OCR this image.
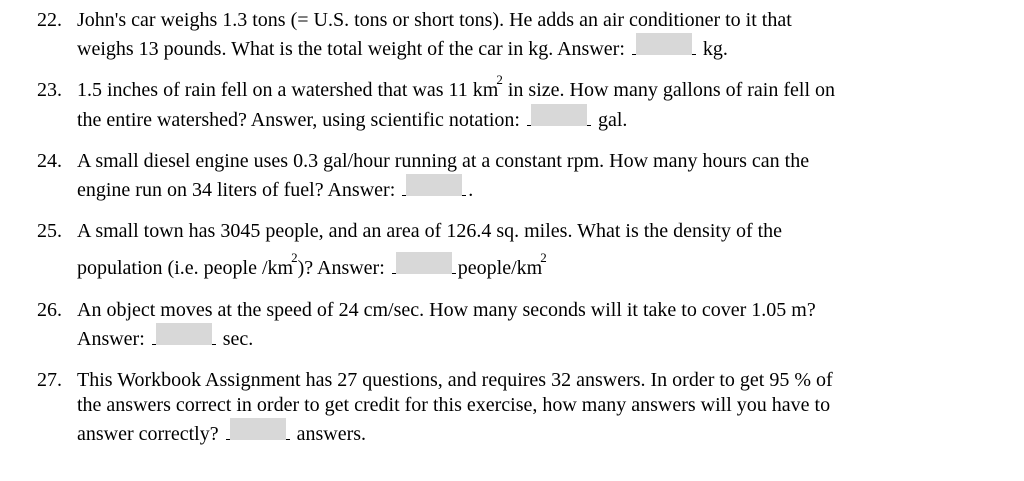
22. John's car weighs 1.3 tons (= U.S. tons or short tons). He adds an air conditioner to it that
weighs 13 pounds. What is the total weight of the car in kg. Answer:	kg.
23. 1.5 inches of rain fell on a watershed that was 11 $km^2$ in size. How many gallons of rain fell on
the entire watershed? Answer, using scientific notation:	gal.
24. A small diesel engine uses 0.3 gal/hour running at a constant rpm. How many hours can the
engine run on 34 liters of fuel? Answer:	.
25. A small town has 3045 people, and an area of 126.4 sq. miles. What is the density of the
population (i.e. people $/km^2$)? Answer:	people/$km^2$
26. An object moves at the speed of 24 cm/sec. How many seconds will it take to cover 1.05 m?
Answer:	sec.
27. This Workbook Assignment has 27 questions, and requires 32 answers. In order to get 95 % of
the answers correct in order to get credit for this exercise, how many answers will you have to
answer correctly?	answers.
